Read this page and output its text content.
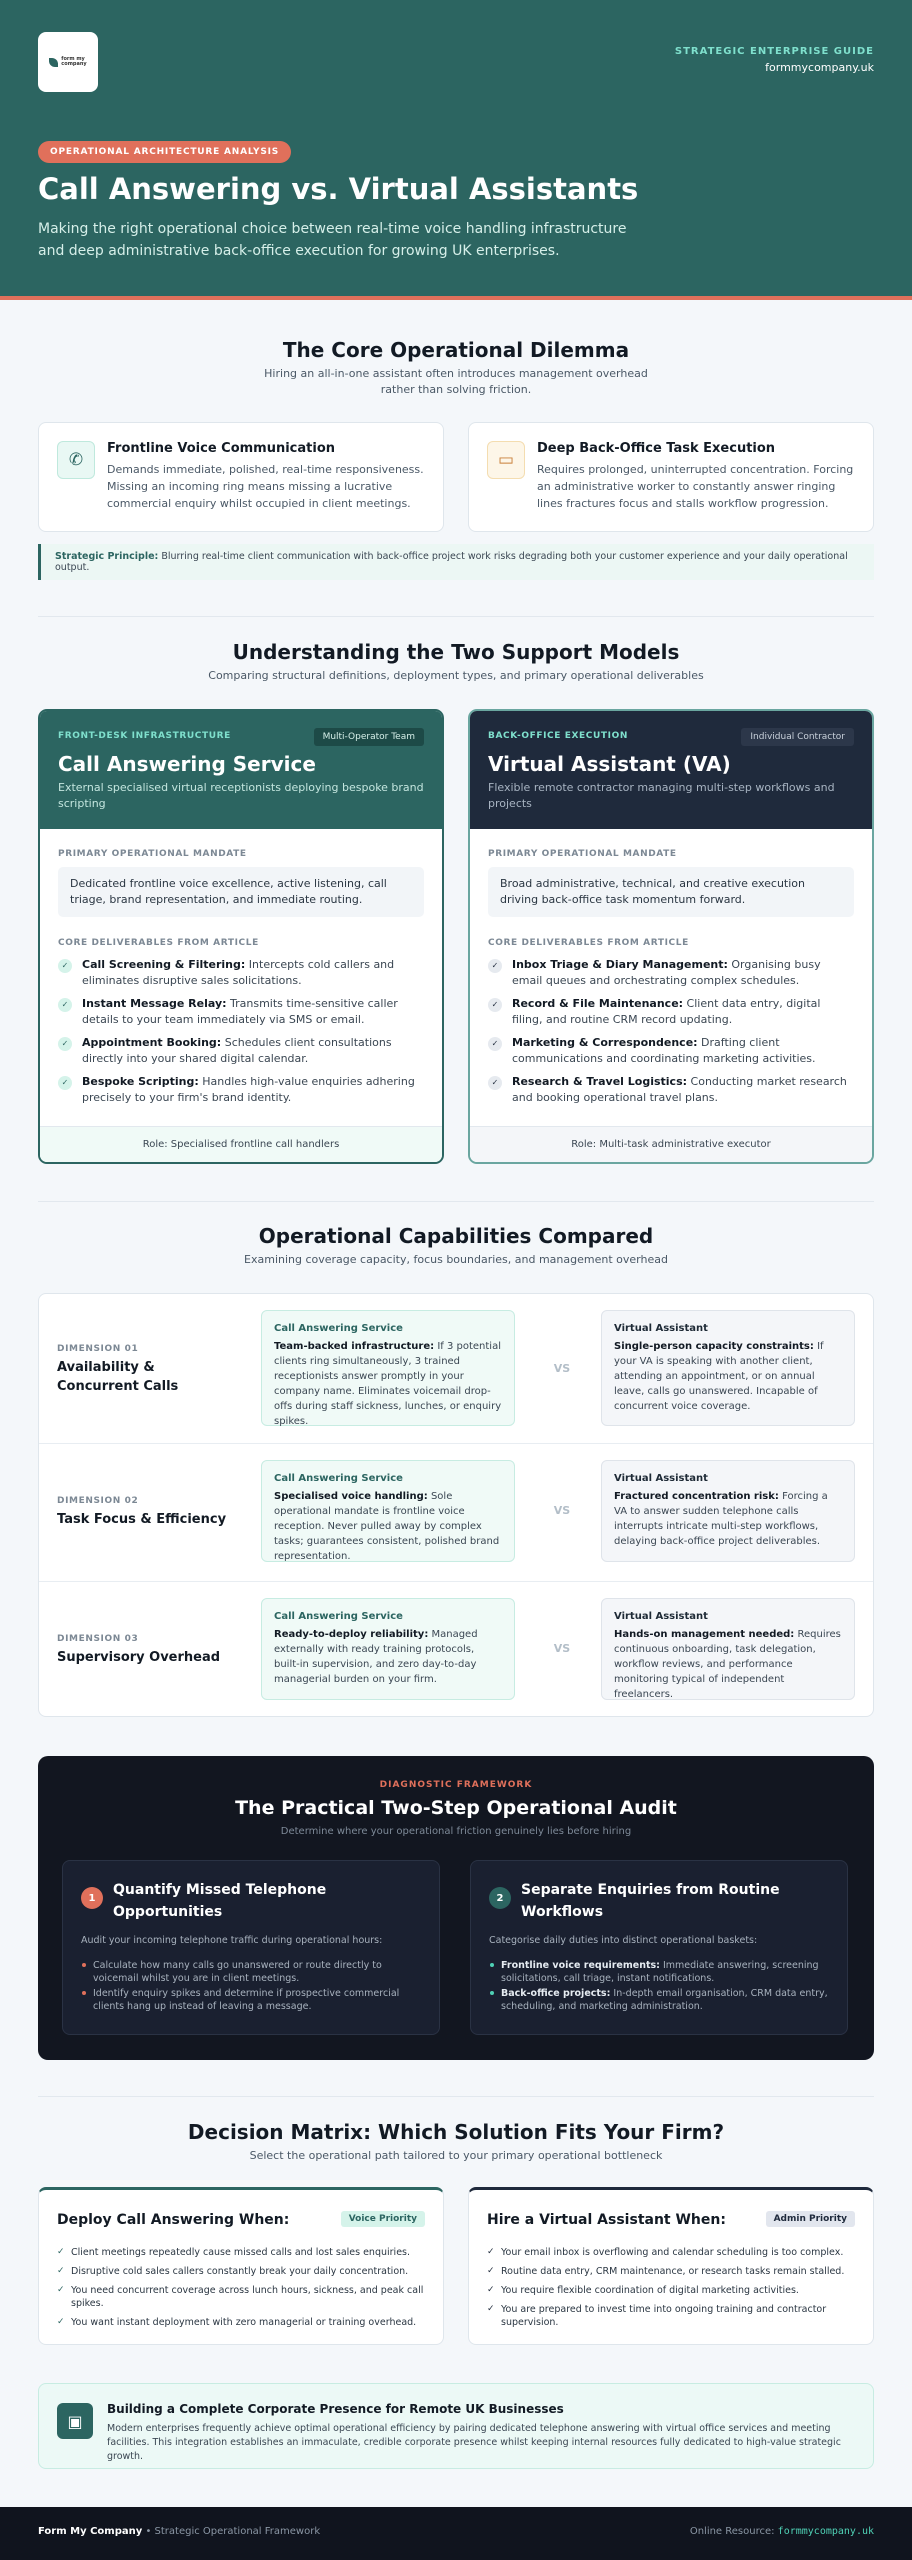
form my
company
STRATEGIC ENTERPRISE GUIDE
formmycompany.uk
OPERATIONAL ARCHITECTURE ANALYSIS
Call Answering vs. Virtual Assistants

Making the right operational choice between real-time voice handling infrastructure and deep administrative back-office execution for growing UK enterprises.

The Core Operational Dilemma

Hiring an all-in-one assistant often introduces management overhead rather than solving friction.

✆
Frontline Voice Communication
Demands immediate, polished, real-time responsiveness. Missing an incoming ring means missing a lucrative commercial enquiry whilst occupied in client meetings.
▭
Deep Back-Office Task Execution
Requires prolonged, uninterrupted concentration. Forcing an administrative worker to constantly answer ringing lines fractures focus and stalls workflow progression.
Strategic Principle: Blurring real-time client communication with back-office project work risks degrading both your customer experience and your daily operational output.
Understanding the Two Support Models

Comparing structural definitions, deployment types, and primary operational deliverables

FRONT-DESK INFRASTRUCTURE	Multi-Operator Team
Call Answering Service
External specialised virtual receptionists deploying bespoke brand scripting
PRIMARY OPERATIONAL MANDATE
Dedicated frontline voice excellence, active listening, call triage, brand representation, and immediate routing.
CORE DELIVERABLES FROM ARTICLE
✓	Call Screening & Filtering: Intercepts cold callers and eliminates disruptive sales solicitations.
✓	Instant Message Relay: Transmits time-sensitive caller details to your team immediately via SMS or email.
✓	Appointment Booking: Schedules client consultations directly into your shared digital calendar.
✓	Bespoke Scripting: Handles high-value enquiries adhering precisely to your firm's brand identity.
Role: Specialised frontline call handlers
BACK-OFFICE EXECUTION	Individual Contractor
Virtual Assistant (VA)
Flexible remote contractor managing multi-step workflows and projects
PRIMARY OPERATIONAL MANDATE
Broad administrative, technical, and creative execution driving back-office task momentum forward.
CORE DELIVERABLES FROM ARTICLE
✓	Inbox Triage & Diary Management: Organising busy email queues and orchestrating complex schedules.
✓	Record & File Maintenance: Client data entry, digital filing, and routine CRM record updating.
✓	Marketing & Correspondence: Drafting client communications and coordinating marketing activities.
✓	Research & Travel Logistics: Conducting market research and booking operational travel plans.
Role: Multi-task administrative executor
Operational Capabilities Compared

Examining coverage capacity, focus boundaries, and management overhead

DIMENSION 01
Availability & Concurrent Calls
Call Answering Service
Team-backed infrastructure: If 3 potential clients ring simultaneously, 3 trained receptionists answer promptly in your company name. Eliminates voicemail drop-offs during staff sickness, lunches, or enquiry spikes.
VS
Virtual Assistant
Single-person capacity constraints: If your VA is speaking with another client, attending an appointment, or on annual leave, calls go unanswered. Incapable of concurrent voice coverage.
DIMENSION 02
Task Focus & Efficiency
Call Answering Service
Specialised voice handling: Sole operational mandate is frontline voice reception. Never pulled away by complex tasks; guarantees consistent, polished brand representation.
VS
Virtual Assistant
Fractured concentration risk: Forcing a VA to answer sudden telephone calls interrupts intricate multi-step workflows, delaying back-office project deliverables.
DIMENSION 03
Supervisory Overhead
Call Answering Service
Ready-to-deploy reliability: Managed externally with ready training protocols, built-in supervision, and zero day-to-day managerial burden on your firm.
VS
Virtual Assistant
Hands-on management needed: Requires continuous onboarding, task delegation, workflow reviews, and performance monitoring typical of independent freelancers.
DIAGNOSTIC FRAMEWORK
The Practical Two-Step Operational Audit
Determine where your operational friction genuinely lies before hiring
1	Quantify Missed Telephone Opportunities
Audit your incoming telephone traffic during operational hours:
Calculate how many calls go unanswered or route directly to voicemail whilst you are in client meetings.
Identify enquiry spikes and determine if prospective commercial clients hang up instead of leaving a message.
2	Separate Enquiries from Routine Workflows
Categorise daily duties into distinct operational baskets:
Frontline voice requirements: Immediate answering, screening solicitations, call triage, instant notifications.
Back-office projects: In-depth email organisation, CRM data entry, scheduling, and marketing administration.
Decision Matrix: Which Solution Fits Your Firm?

Select the operational path tailored to your primary operational bottleneck

Deploy Call Answering When:	Voice Priority
✓ Client meetings repeatedly cause missed calls and lost sales enquiries.
✓ Disruptive cold sales callers constantly break your daily concentration.
✓ You need concurrent coverage across lunch hours, sickness, and peak call spikes.
✓ You want instant deployment with zero managerial or training overhead.
Hire a Virtual Assistant When:	Admin Priority
✓ Your email inbox is overflowing and calendar scheduling is too complex.
✓ Routine data entry, CRM maintenance, or research tasks remain stalled.
✓ You require flexible coordination of digital marketing activities.
✓ You are prepared to invest time into ongoing training and contractor supervision.
▣
Building a Complete Corporate Presence for Remote UK Businesses
Modern enterprises frequently achieve optimal operational efficiency by pairing dedicated telephone answering with virtual office services and meeting facilities. This integration establishes an immaculate, credible corporate presence whilst keeping internal resources fully dedicated to high-value strategic growth.
Form My Company • Strategic Operational Framework	Online Resource: formmycompany.uk
